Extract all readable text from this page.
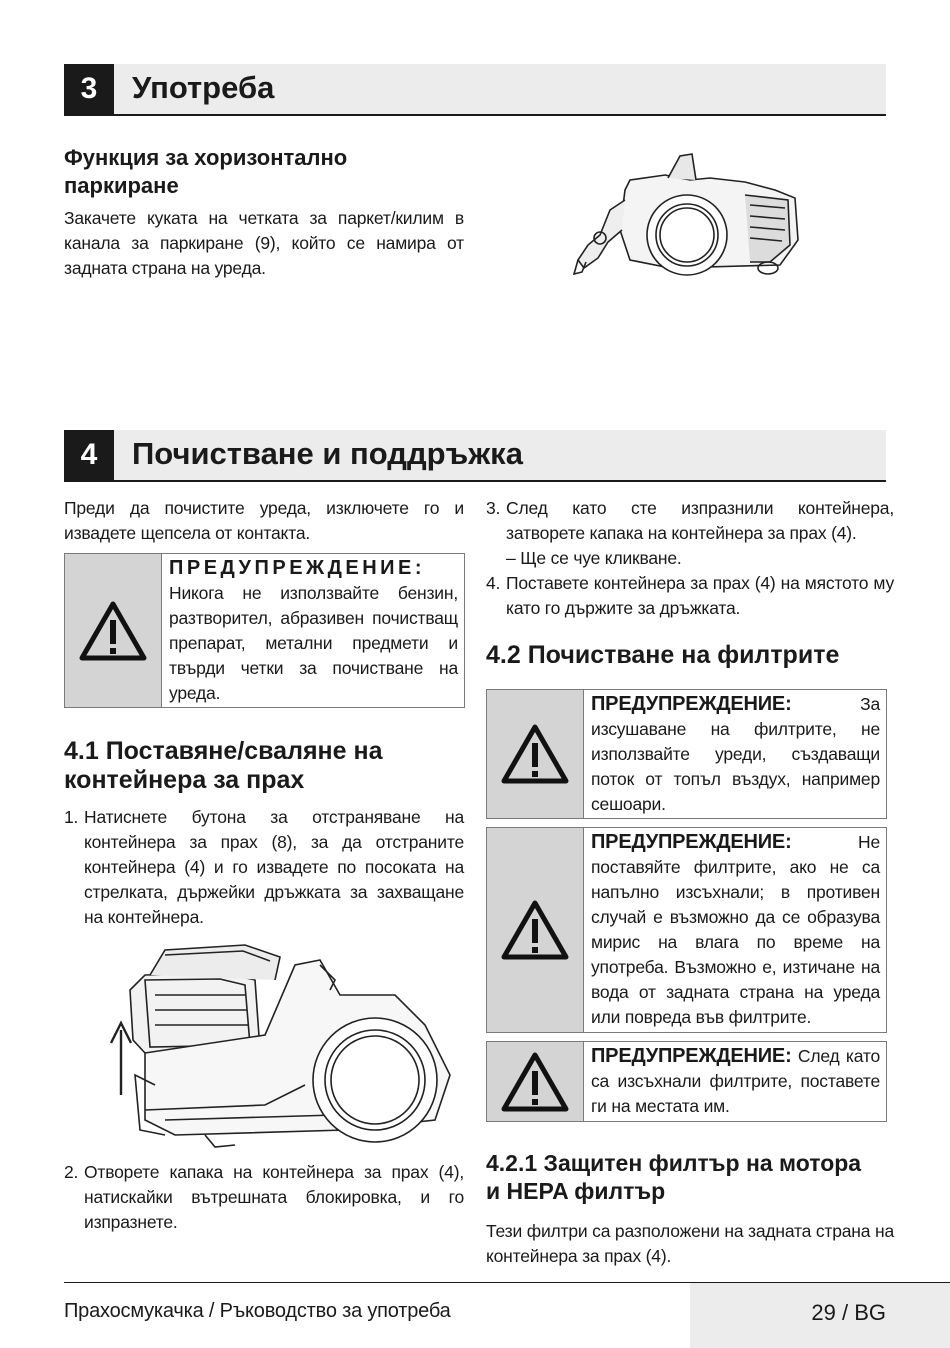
3	Употреба
Функция за хоризонтално
паркиране
Закачете куката на четката за паркет/килим в канала за паркиране (9), който се намира от задната страна на уреда.
4	Почистване и поддръжка
Преди да почистите уреда, изключете го и извадете щепсела от контакта.
ПРЕДУПРЕЖДЕНИЕ:
Никога не използвайте бензин, разтворител, абразивен почистващ препарат, метални предмети и твърди четки за почистване на уреда.
4.1 Поставяне/сваляне на
контейнера за прах
1. Натиснете бутона за отстраняване на контейнера за прах (8), за да отстраните контейнера (4) и го извадете по посоката на стрелката, държейки дръжката за захващане на контейнера.
2. Отворете капака на контейнера за прах (4), натискайки вътрешната блокировка, и го изпразнете.
3. След като сте изпразнили контейнера, затворете капака на контейнера за прах (4).
– Ще се чуе кликване.
4. Поставете контейнера за прах (4) на мястото му като го държите за дръжката.
4.2 Почистване на филтрите
ПРЕДУПРЕЖДЕНИЕ:	За изсушаване на филтрите, не използвайте уреди, създаващи поток от топъл въздух, например сешоари.
ПРЕДУПРЕЖДЕНИЕ:	Не поставяйте филтрите, ако не са напълно изсъхнали; в противен случай е възможно да се образува мирис на влага по време на употреба. Възможно е, изтичане на вода от задната страна на уреда или повреда във филтрите.
ПРЕДУПРЕЖДЕНИЕ: След като са изсъхнали филтрите, поставете ги на местата им.
4.2.1 Защитен филтър на мотора
и HEPA филтър
Тези филтри са разположени на задната страна на контейнера за прах (4).
Прахосмукачка / Ръководство за употреба	29 / BG
